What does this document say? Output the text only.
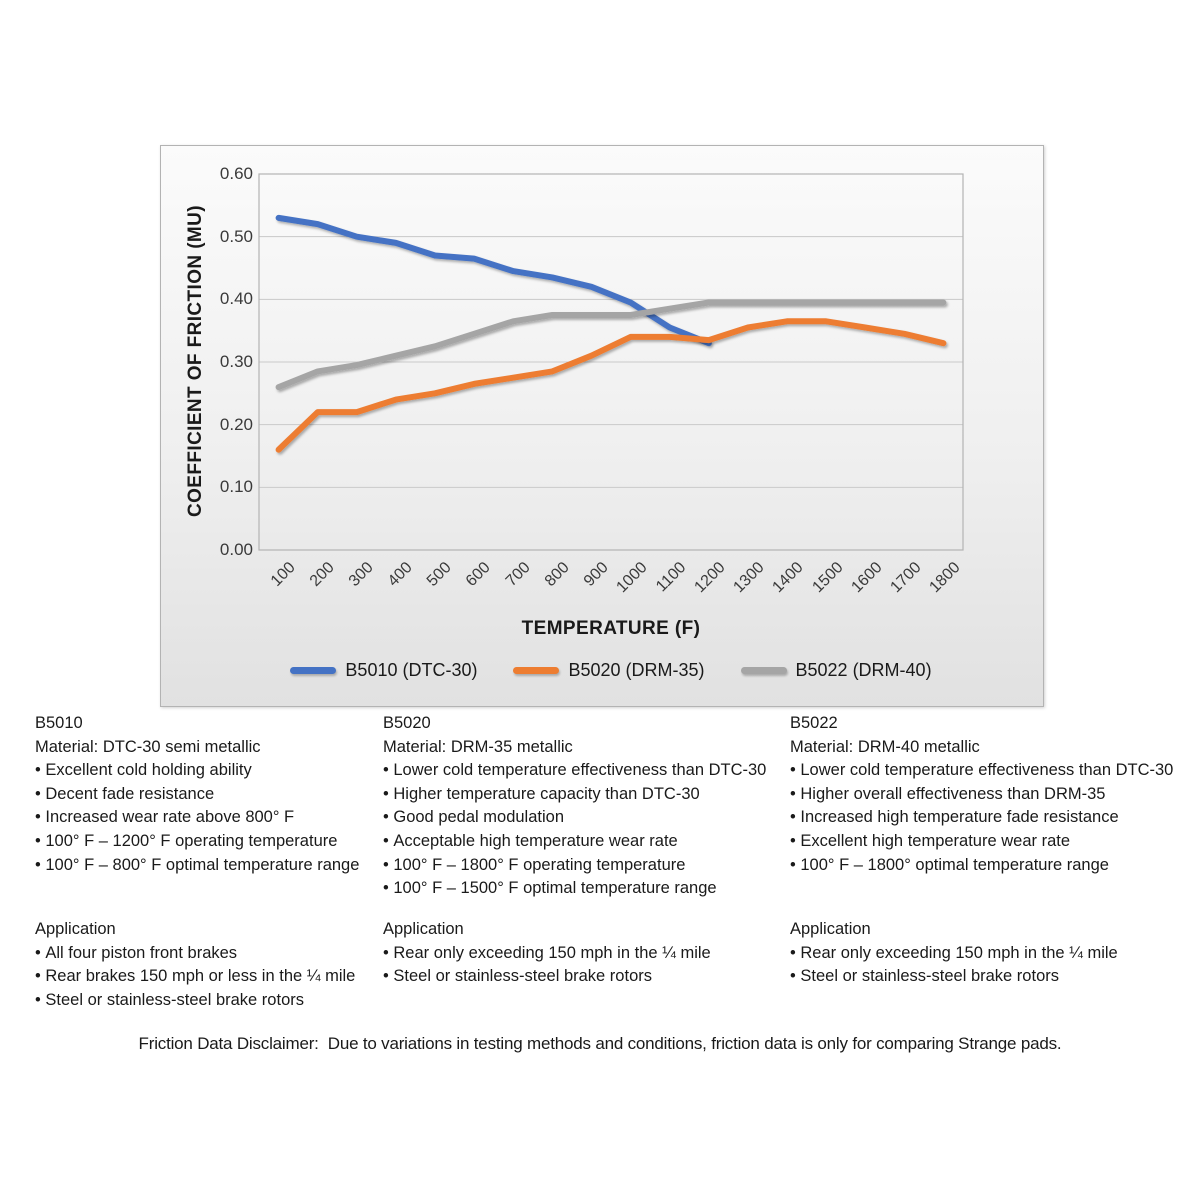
COEFFICIENT OF FRICTION (MU)
TEMPERATURE (F)
0.00
0.10
0.20
0.30
0.40
0.50
0.60
100 200 300 400 500 600 700 800 900 1000 1100 1200 1300 1400 1500 1600 1700 1800
B5010 (DTC-30)	B5020 (DRM-35)	B5022 (DRM-40)
B5010
Material: DTC-30 semi metallic
• Excellent cold holding ability
• Decent fade resistance
• Increased wear rate above 800° F
• 100° F – 1200° F operating temperature
• 100° F – 800° F optimal temperature range
Application
• All four piston front brakes
• Rear brakes 150 mph or less in the ¼ mile
• Steel or stainless-steel brake rotors
B5020
Material: DRM-35 metallic
• Lower cold temperature effectiveness than DTC-30
• Higher temperature capacity than DTC-30
• Good pedal modulation
• Acceptable high temperature wear rate
• 100° F – 1800° F operating temperature
• 100° F – 1500° F optimal temperature range
Application
• Rear only exceeding 150 mph in the ¼ mile
• Steel or stainless-steel brake rotors
B5022
Material: DRM-40 metallic
• Lower cold temperature effectiveness than DTC-30
• Higher overall effectiveness than DRM-35
• Increased high temperature fade resistance
• Excellent high temperature wear rate
• 100° F – 1800° optimal temperature range
Application
• Rear only exceeding 150 mph in the ¼ mile
• Steel or stainless-steel brake rotors
Friction Data Disclaimer:  Due to variations in testing methods and conditions, friction data is only for comparing Strange pads.
